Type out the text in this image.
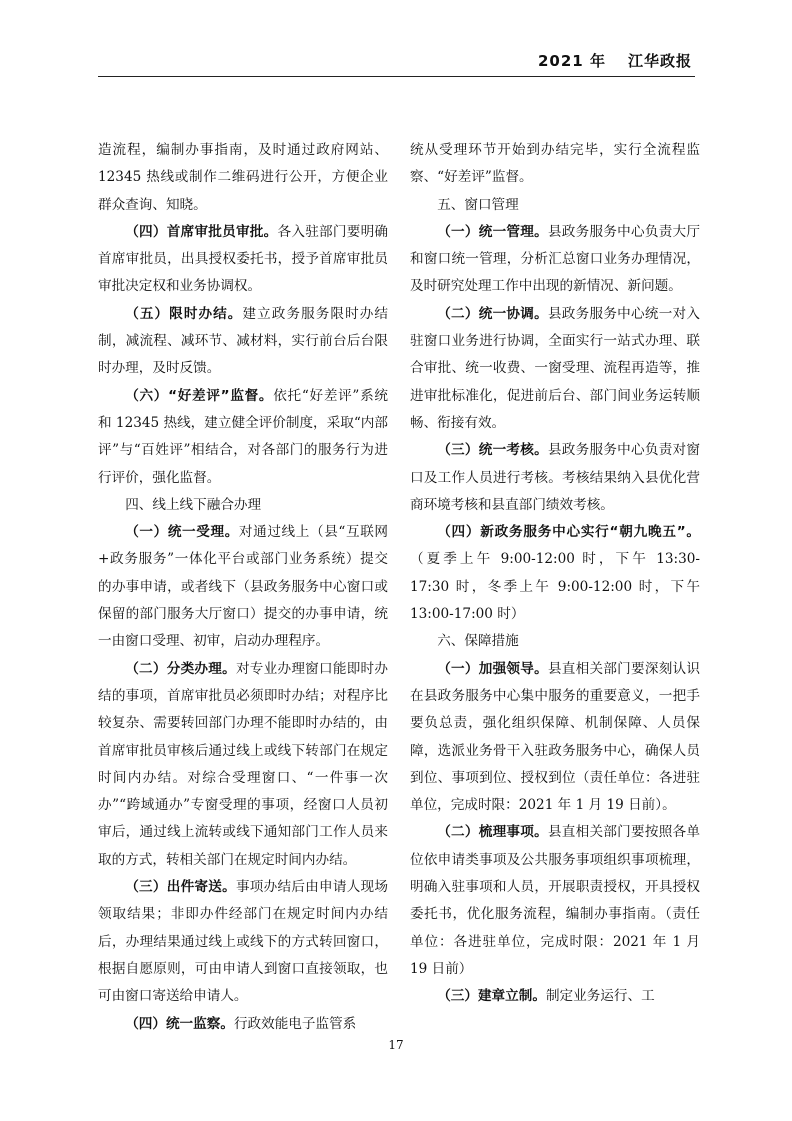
2021 年 江华政报

造流程，编制办事指南，及时通过政府网站、12345 热线或制作二维码进行公开，方便企业群众查询、知晓。

（四）首席审批员审批。各入驻部门要明确首席审批员，出具授权委托书，授予首席审批员审批决定权和业务协调权。

（五）限时办结。建立政务服务限时办结制，减流程、减环节、减材料，实行前台后台限时办理，及时反馈。

（六）“好差评”监督。依托“好差评”系统和 12345 热线，建立健全评价制度，采取“内部评”与“百姓评”相结合，对各部门的服务行为进行评价，强化监督。

四、线上线下融合办理

（一）统一受理。对通过线上（县“互联网+政务服务”一体化平台或部门业务系统）提交的办事申请，或者线下（县政务服务中心窗口或保留的部门服务大厅窗口）提交的办事申请，统一由窗口受理、初审，启动办理程序。

（二）分类办理。对专业办理窗口能即时办结的事项，首席审批员必须即时办结；对程序比较复杂、需要转回部门办理不能即时办结的，由首席审批员审核后通过线上或线下转部门在规定时间内办结。对综合受理窗口、“一件事一次办”“跨域通办”专窗受理的事项，经窗口人员初审后，通过线上流转或线下通知部门工作人员来取的方式，转相关部门在规定时间内办结。

（三）出件寄送。事项办结后由申请人现场领取结果；非即办件经部门在规定时间内办结后，办理结果通过线上或线下的方式转回窗口，根据自愿原则，可由申请人到窗口直接领取，也可由窗口寄送给申请人。

（四）统一监察。行政效能电子监管系

统从受理环节开始到办结完毕，实行全流程监察、“好差评”监督。

五、窗口管理

（一）统一管理。县政务服务中心负责大厅和窗口统一管理，分析汇总窗口业务办理情况，及时研究处理工作中出现的新情况、新问题。

（二）统一协调。县政务服务中心统一对入驻窗口业务进行协调，全面实行一站式办理、联合审批、统一收费、一窗受理、流程再造等，推进审批标准化，促进前后台、部门间业务运转顺畅、衔接有效。

（三）统一考核。县政务服务中心负责对窗口及工作人员进行考核。考核结果纳入县优化营商环境考核和县直部门绩效考核。

（四）新政务服务中心实行“朝九晚五”。（夏季上午 9:00-12:00 时，下午 13:30-17:30 时，冬季上午 9:00-12:00 时，下午 13:00-17:00 时）

六、保障措施

（一）加强领导。县直相关部门要深刻认识在县政务服务中心集中服务的重要意义，一把手要负总责，强化组织保障、机制保障、人员保障，选派业务骨干入驻政务服务中心，确保人员到位、事项到位、授权到位（责任单位：各进驻单位，完成时限：2021 年 1 月 19 日前）。

（二）梳理事项。县直相关部门要按照各单位依申请类事项及公共服务事项组织事项梳理，明确入驻事项和人员，开展职责授权，开具授权委托书，优化服务流程，编制办事指南。（责任单位：各进驻单位，完成时限：2021 年 1 月 19 日前）

（三）建章立制。制定业务运行、工

17
